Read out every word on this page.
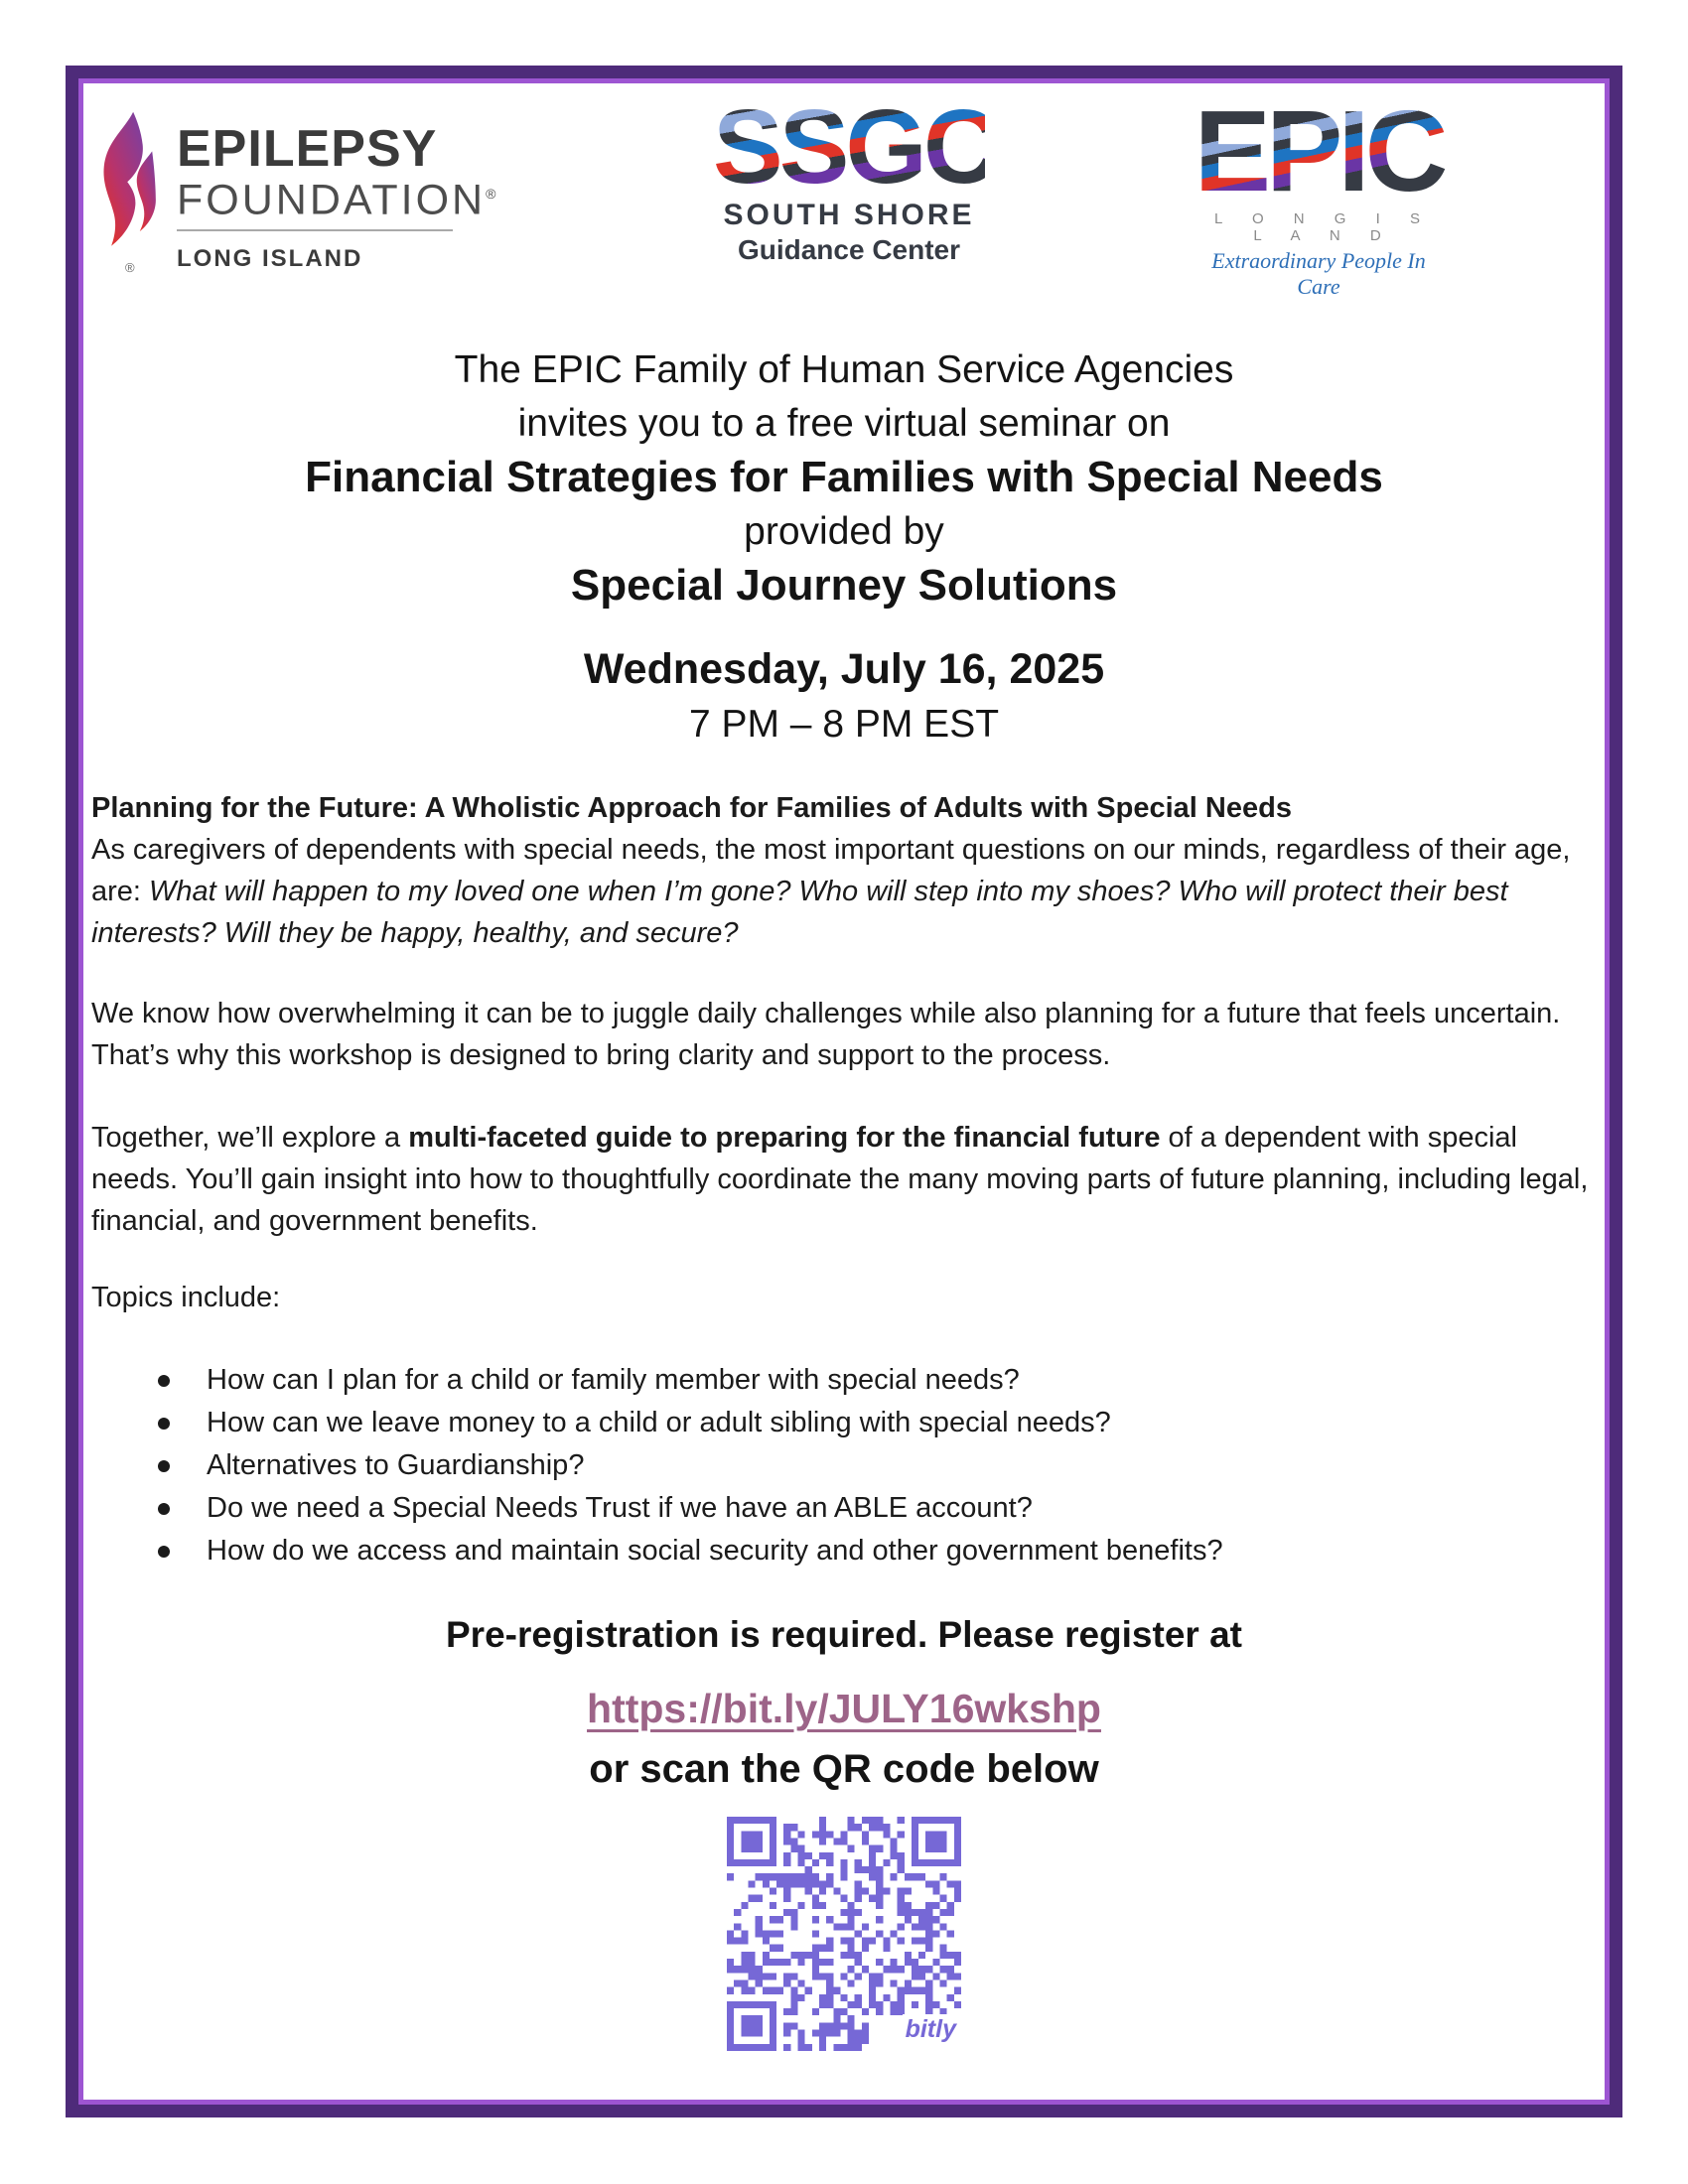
®
EPILEPSY
FOUNDATION®
LONG ISLAND
SSGC
SOUTH SHORE
Guidance Center
EPIC
L O N G I S L A N D
Extraordinary People In Care
The EPIC Family of Human Service Agencies
invites you to a free virtual seminar on
Financial Strategies for Families with Special Needs
provided by
Special Journey Solutions
Wednesday, July 16, 2025
7 PM – 8 PM EST
Planning for the Future: A Wholistic Approach for Families of Adults with Special Needs
As caregivers of dependents with special needs, the most important questions on our minds, regardless of their age, are: What will happen to my loved one when I’m gone? Who will step into my shoes? Who will protect their best interests? Will they be happy, healthy, and secure?
We know how overwhelming it can be to juggle daily challenges while also planning for a future that feels uncertain. That’s why this workshop is designed to bring clarity and support to the process.
Together, we’ll explore a multi-faceted guide to preparing for the financial future of a dependent with special needs. You’ll gain insight into how to thoughtfully coordinate the many moving parts of future planning, including legal, financial, and government benefits.
Topics include:
How can I plan for a child or family member with special needs?
How can we leave money to a child or adult sibling with special needs?
Alternatives to Guardianship?
Do we need a Special Needs Trust if we have an ABLE account?
How do we access and maintain social security and other government benefits?
Pre-registration is required. Please register at
https://bit.ly/JULY16wkshp
or scan the QR code below
bitly
